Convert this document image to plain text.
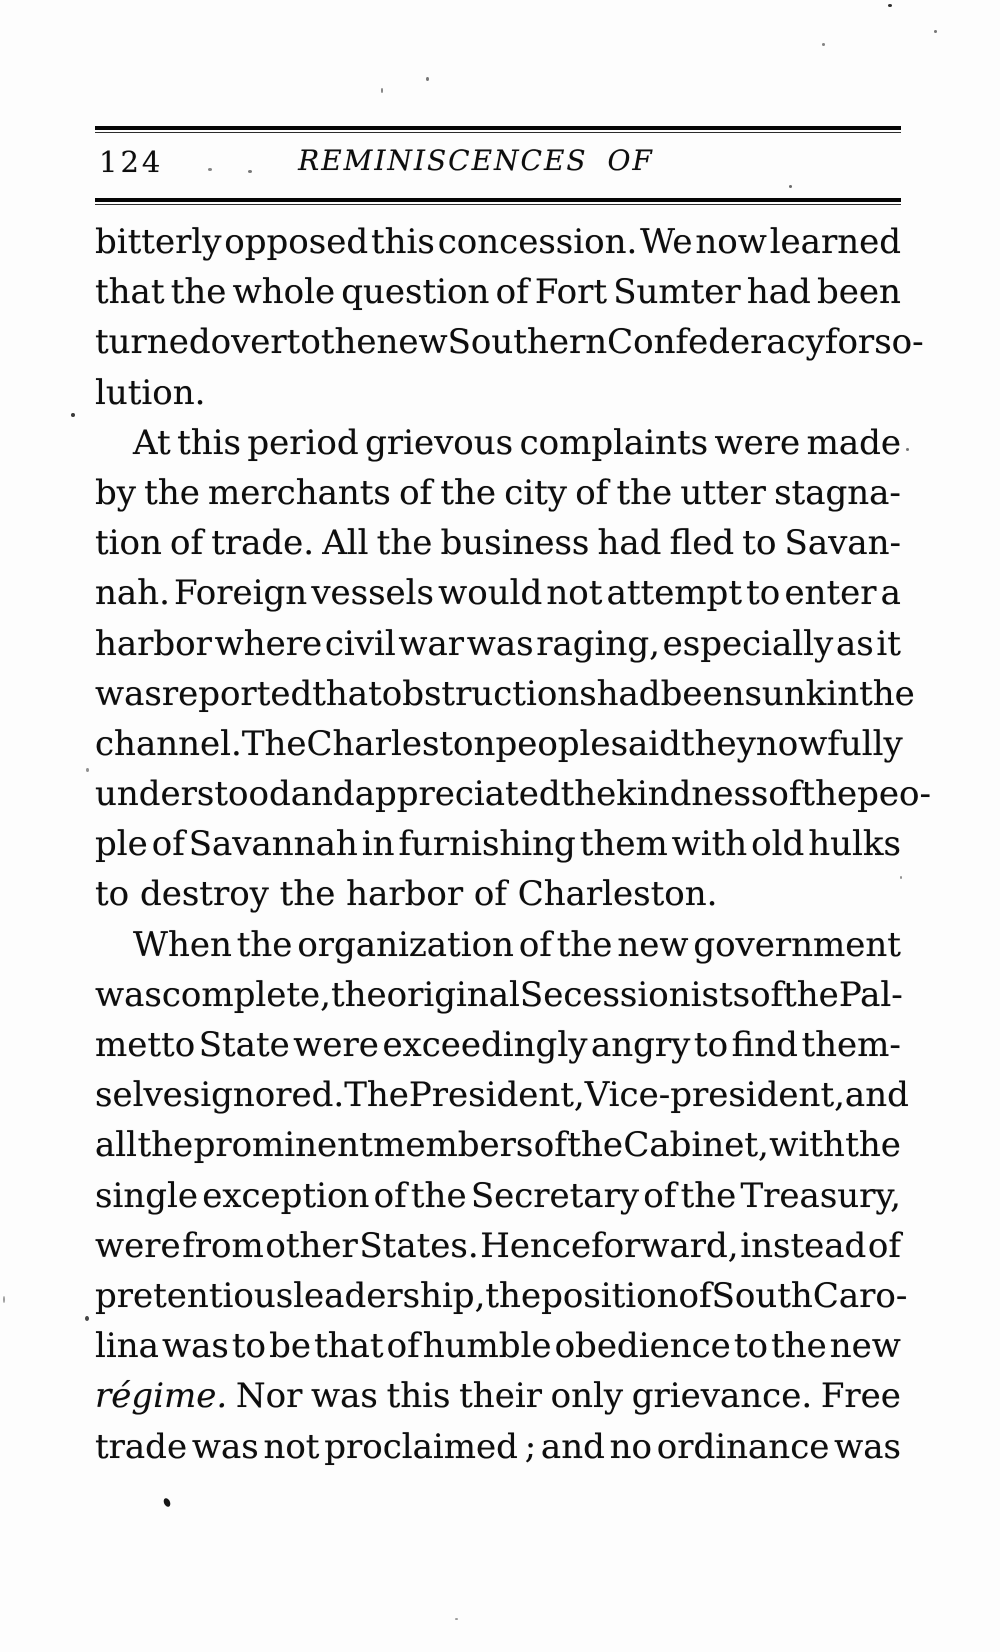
124	REMINISCENCES OF
bitterly opposed this concession. We now learned
that the whole question of Fort Sumter had been
turned over to the new Southern Confederacy for so-
lution.
At this period grievous complaints were made
by the merchants of the city of the utter stagna-
tion of trade. All the business had fled to Savan-
nah. Foreign vessels would not attempt to enter a
harbor where civil war was raging, especially as it
was reported that obstructions had been sunk in the
channel. The Charleston people said they now fully
understood and appreciated the kindness of the peo-
ple of Savannah in furnishing them with old hulks
to destroy the harbor of Charleston.
When the organization of the new government
was complete, the original Secessionists of the Pal-
metto State were exceedingly angry to find them-
selves ignored. The President, Vice-president, and
all the prominent members of the Cabinet, with the
single exception of the Secretary of the Treasury,
were from other States. Henceforward, instead of
pretentious leadership, the position of South Caro-
lina was to be that of humble obedience to the new
régime. Nor was this their only grievance. Free
trade was not proclaimed ; and no ordinance was
